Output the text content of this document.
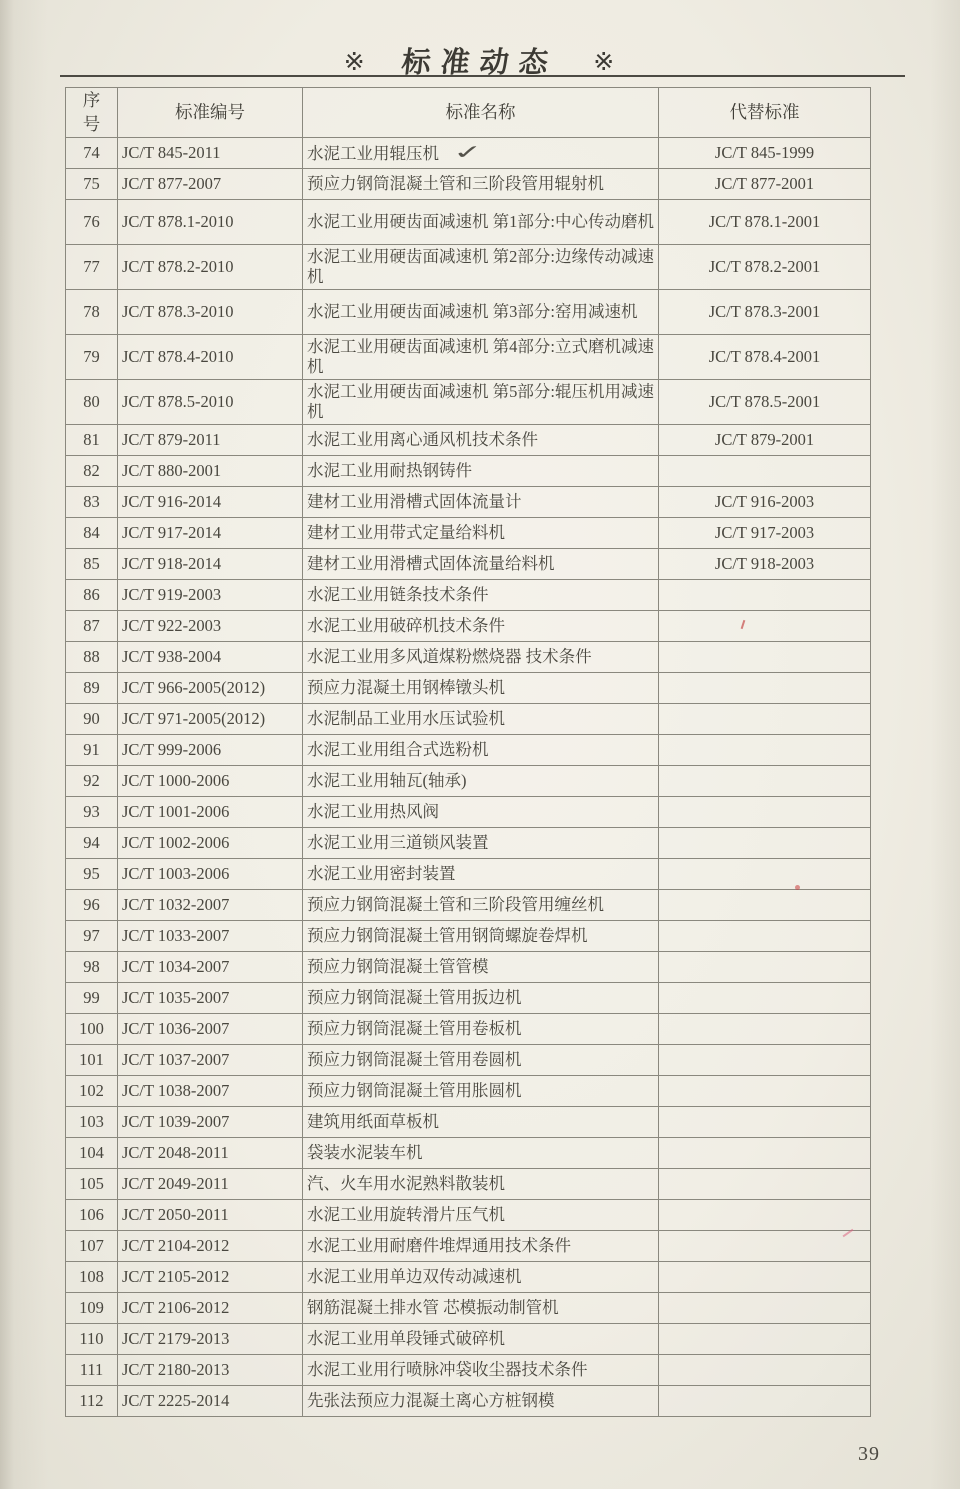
※ 标准动态 ※
序号	标准编号	标准名称	代替标准
74	JC/T 845-2011	水泥工业用辊压机 ✓	JC/T 845-1999
75	JC/T 877-2007	预应力钢筒混凝土管和三阶段管用辊射机	JC/T 877-2001
76	JC/T 878.1-2010	水泥工业用硬齿面减速机 第1部分:中心传动磨机	JC/T 878.1-2001
77	JC/T 878.2-2010	水泥工业用硬齿面减速机 第2部分:边缘传动减速机	JC/T 878.2-2001
78	JC/T 878.3-2010	水泥工业用硬齿面减速机 第3部分:窑用减速机	JC/T 878.3-2001
79	JC/T 878.4-2010	水泥工业用硬齿面减速机 第4部分:立式磨机减速机	JC/T 878.4-2001
80	JC/T 878.5-2010	水泥工业用硬齿面减速机 第5部分:辊压机用减速机	JC/T 878.5-2001
81	JC/T 879-2011	水泥工业用离心通风机技术条件	JC/T 879-2001
82	JC/T 880-2001	水泥工业用耐热钢铸件	
83	JC/T 916-2014	建材工业用滑槽式固体流量计	JC/T 916-2003
84	JC/T 917-2014	建材工业用带式定量给料机	JC/T 917-2003
85	JC/T 918-2014	建材工业用滑槽式固体流量给料机	JC/T 918-2003
86	JC/T 919-2003	水泥工业用链条技术条件	
87	JC/T 922-2003	水泥工业用破碎机技术条件	
88	JC/T 938-2004	水泥工业用多风道煤粉燃烧器 技术条件	
89	JC/T 966-2005(2012)	预应力混凝土用钢棒镦头机	
90	JC/T 971-2005(2012)	水泥制品工业用水压试验机	
91	JC/T 999-2006	水泥工业用组合式选粉机	
92	JC/T 1000-2006	水泥工业用轴瓦(轴承)	
93	JC/T 1001-2006	水泥工业用热风阀	
94	JC/T 1002-2006	水泥工业用三道锁风装置	
95	JC/T 1003-2006	水泥工业用密封装置	
96	JC/T 1032-2007	预应力钢筒混凝土管和三阶段管用缠丝机	
97	JC/T 1033-2007	预应力钢筒混凝土管用钢筒螺旋卷焊机	
98	JC/T 1034-2007	预应力钢筒混凝土管管模	
99	JC/T 1035-2007	预应力钢筒混凝土管用扳边机	
100	JC/T 1036-2007	预应力钢筒混凝土管用卷板机	
101	JC/T 1037-2007	预应力钢筒混凝土管用卷圆机	
102	JC/T 1038-2007	预应力钢筒混凝土管用胀圆机	
103	JC/T 1039-2007	建筑用纸面草板机	
104	JC/T 2048-2011	袋装水泥装车机	
105	JC/T 2049-2011	汽、火车用水泥熟料散装机	
106	JC/T 2050-2011	水泥工业用旋转滑片压气机	
107	JC/T 2104-2012	水泥工业用耐磨件堆焊通用技术条件	
108	JC/T 2105-2012	水泥工业用单边双传动减速机	
109	JC/T 2106-2012	钢筋混凝土排水管 芯模振动制管机	
110	JC/T 2179-2013	水泥工业用单段锤式破碎机	
111	JC/T 2180-2013	水泥工业用行喷脉冲袋收尘器技术条件	
112	JC/T 2225-2014	先张法预应力混凝土离心方桩钢模	
39
